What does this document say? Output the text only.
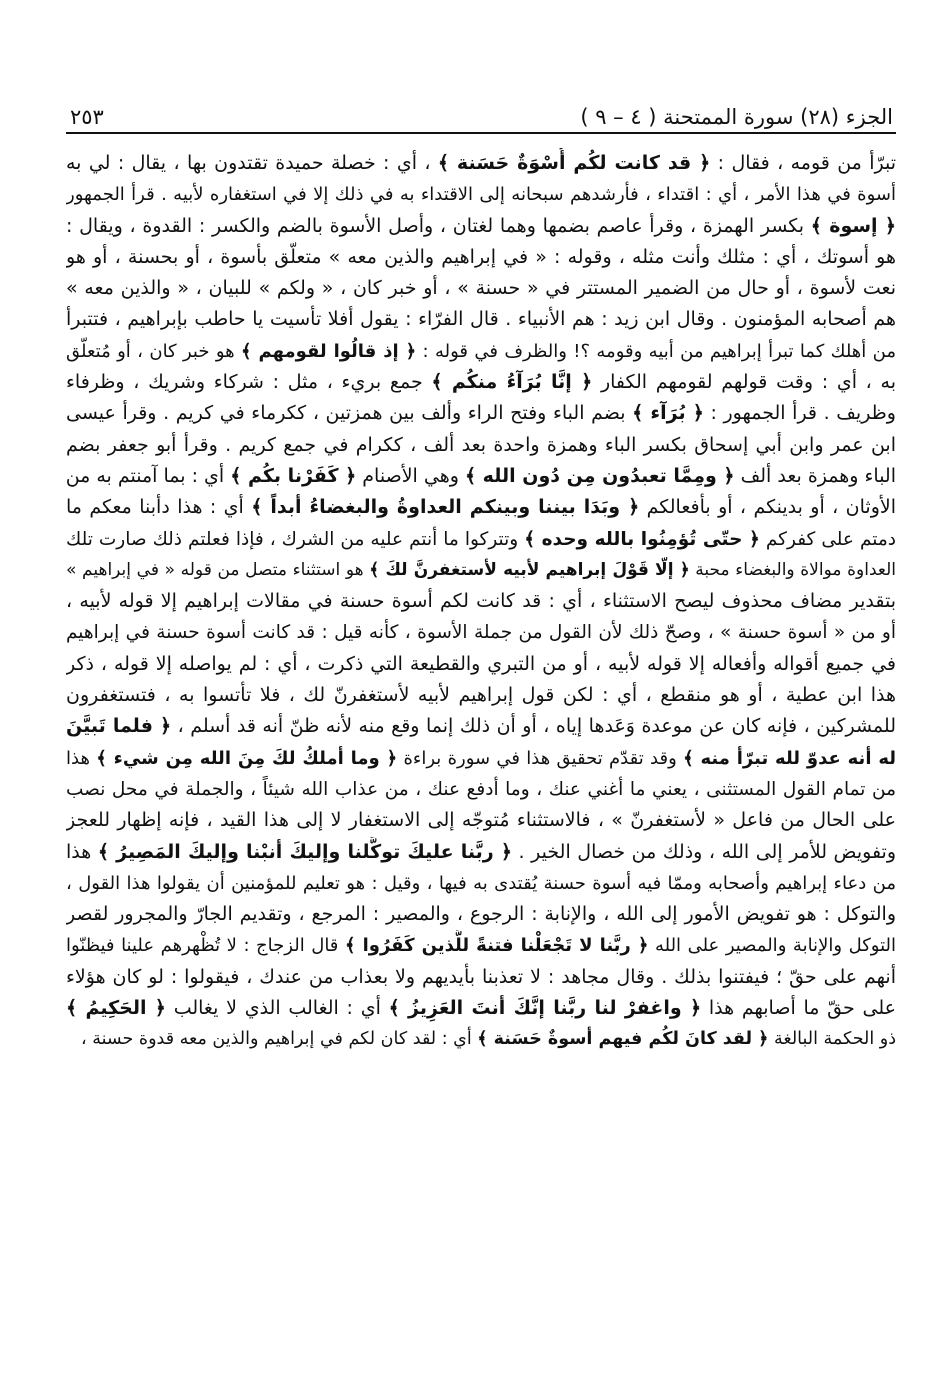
الجزء (٢٨) سورة الممتحنة ( ٤ – ٩ )
٢٥٣
تبرّأ من قومه ، فقال : ﴿ قد كانت لكُم أُسْوَةٌ حَسَنة ﴾ ، أي : خصلة حميدة تقتدون بها ، يقال : لي به
أسوة في هذا الأمر ، أي : اقتداء ، فأرشدهم سبحانه إلى الاقتداء به في ذلك إلا في استغفاره لأبيه . قرأ الجمهور
﴿ إسوة ﴾ بكسر الهمزة ، وقرأ عاصم بضمها وهما لغتان ، وأصل الأسوة بالضم والكسر : القدوة ، ويقال :
هو أسوتك ، أي : مثلك وأنت مثله ، وقوله : « في إبراهيم والذين معه » متعلّق بأسوة ، أو بحسنة ، أو هو
نعت لأسوة ، أو حال من الضمير المستتر في « حسنة » ، أو خبر كان ، « ولكم » للبيان ، « والذين معه »
هم أصحابه المؤمنون . وقال ابن زيد : هم الأنبياء . قال الفرّاء : يقول أفلا تأسيت يا حاطب بإبراهيم ، فتتبرأ
من أهلك كما تبرأ إبراهيم من أبيه وقومه ؟! والظرف في قوله : ﴿ إذ قالُوا لقومهم ﴾ هو خبر كان ، أو مُتعلّق
به ، أي : وقت قولهم لقومهم الكفار ﴿ إنَّا بُرَآءُ منكُم ﴾ جمع بريء ، مثل : شركاء وشريك ، وظرفاء
وظريف . قرأ الجمهور : ﴿ بُرَآء ﴾ بضم الباء وفتح الراء وألف بين همزتين ، ككرماء في كريم . وقرأ عيسى
ابن عمر وابن أبي إسحاق بكسر الباء وهمزة واحدة بعد ألف ، ككرام في جمع كريم . وقرأ أبو جعفر بضم
الباء وهمزة بعد ألف ﴿ ومِمَّا تعبدُون مِن دُون الله ﴾ وهي الأصنام ﴿ كَفَرْنا بكُم ﴾ أي : بما آمنتم به من
الأوثان ، أو بدينكم ، أو بأفعالكم ﴿ وبَدَا بيننا وبينكم العداوةُ والبغضاءُ أبداً ﴾ أي : هذا دأبنا معكم ما
دمتم على كفركم ﴿ حتّى تُؤمِنُوا بالله وحده ﴾ وتتركوا ما أنتم عليه من الشرك ، فإذا فعلتم ذلك صارت تلك
العداوة موالاة والبغضاء محبة ﴿ إلّا قَوْلَ إبراهيم لأبيه لأستغفرنَّ لكَ ﴾ هو استثناء متصل من قوله « في إبراهيم »
بتقدير مضاف محذوف ليصح الاستثناء ، أي : قد كانت لكم أسوة حسنة في مقالات إبراهيم إلا قوله لأبيه ،
أو من « أسوة حسنة » ، وصحّ ذلك لأن القول من جملة الأسوة ، كأنه قيل : قد كانت أسوة حسنة في إبراهيم
في جميع أقواله وأفعاله إلا قوله لأبيه ، أو من التبري والقطيعة التي ذكرت ، أي : لم يواصله إلا قوله ، ذكر
هذا ابن عطية ، أو هو منقطع ، أي : لكن قول إبراهيم لأبيه لأستغفرنّ لك ، فلا تأتسوا به ، فتستغفرون
للمشركين ، فإنه كان عن موعدة وَعَدها إياه ، أو أن ذلك إنما وقع منه لأنه ظنّ أنه قد أسلم ، ﴿ فلما تَبيَّنَ
له أنه عدوّ لله تبرّأ منه ﴾ وقد تقدّم تحقيق هذا في سورة براءة ﴿ وما أملكُ لكَ مِنَ الله مِن شيء ﴾ هذا
من تمام القول المستثنى ، يعني ما أغني عنك ، وما أدفع عنك ، من عذاب الله شيئاً ، والجملة في محل نصب
على الحال من فاعل « لأستغفرنّ » ، فالاستثناء مُتوجّه إلى الاستغفار لا إلى هذا القيد ، فإنه إظهار للعجز
وتفويض للأمر إلى الله ، وذلك من خصال الخير . ﴿ ربَّنا عليكَ توكَّلنا وإليكَ أنبْنا وإليكَ المَصِيرُ ﴾ هذا
من دعاء إبراهيم وأصحابه وممّا فيه أسوة حسنة يُقتدى به فيها ، وقيل : هو تعليم للمؤمنين أن يقولوا هذا القول ،
والتوكل : هو تفويض الأمور إلى الله ، والإنابة : الرجوع ، والمصير : المرجع ، وتقديم الجارّ والمجرور لقصر
التوكل والإنابة والمصير على الله ﴿ ربَّنا لا تَجْعَلْنا فتنةً للَّذين كَفَرُوا ﴾ قال الزجاج : لا تُظْهرهم علينا فيظنّوا
أنهم على حقّ ؛ فيفتنوا بذلك . وقال مجاهد : لا تعذبنا بأيديهم ولا بعذاب من عندك ، فيقولوا : لو كان هؤلاء
على حقّ ما أصابهم هذا ﴿ واغفرْ لنا ربَّنا إنَّكَ أنتَ العَزِيزُ ﴾ أي : الغالب الذي لا يغالب ﴿ الحَكِيمُ ﴾
ذو الحكمة البالغة ﴿ لقد كانَ لكُم فيهم أسوةٌ حَسَنة ﴾ أي : لقد كان لكم في إبراهيم والذين معه قدوة حسنة ،
